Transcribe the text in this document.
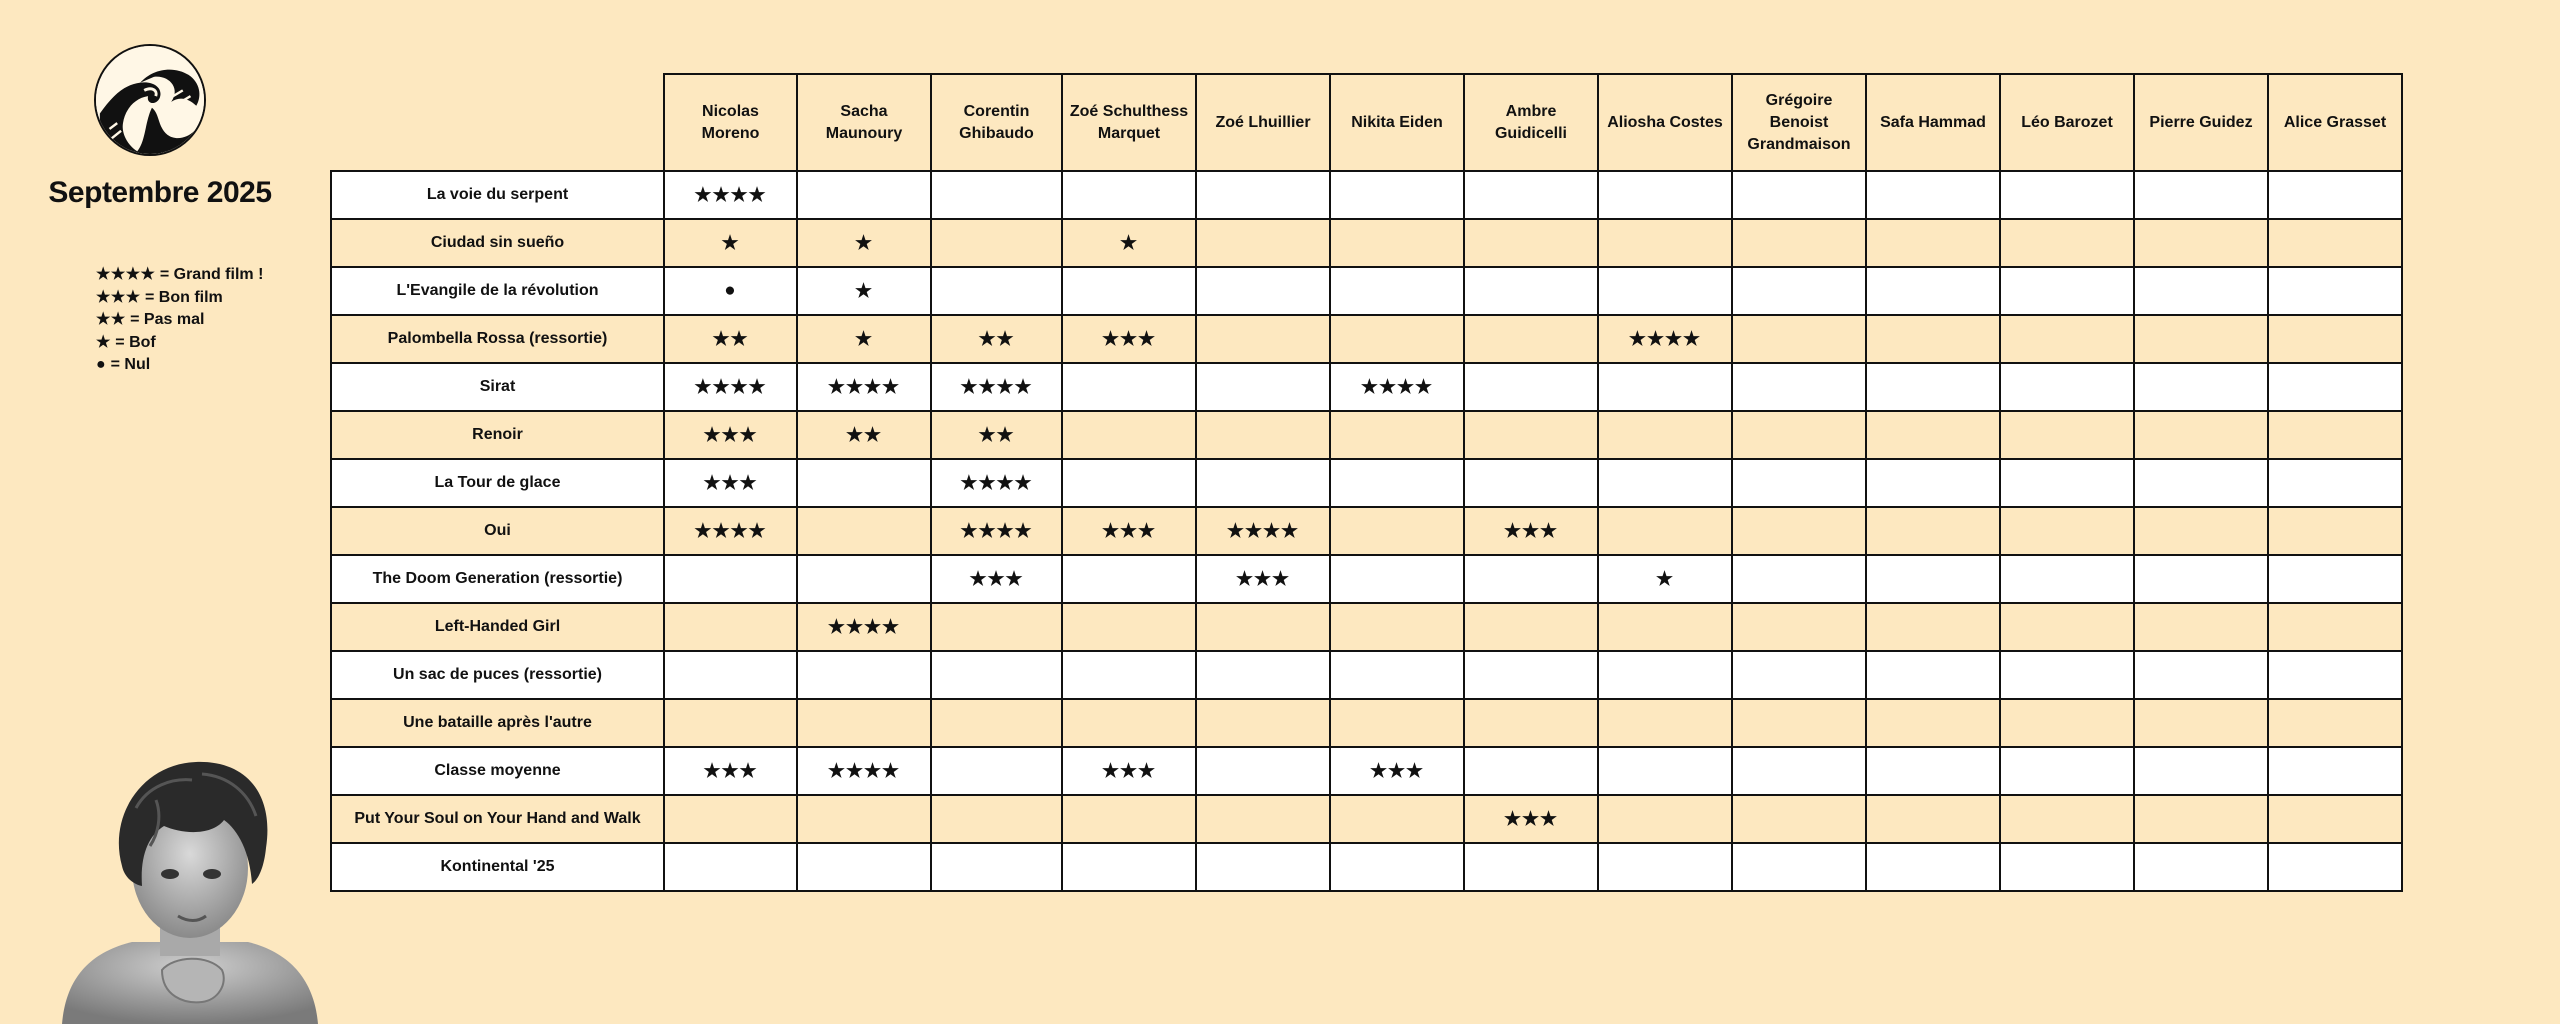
Septembre 2025
★★★★ = Grand film !
★★★ = Bon film
★★ = Pas mal
★ = Bof
● = Nul
	Nicolas Moreno	Sacha Maunoury	Corentin Ghibaudo	Zoé Schulthess Marquet	Zoé Lhuillier	Nikita Eiden	Ambre Guidicelli	Aliosha Costes	Grégoire Benoist Grandmaison	Safa Hammad	Léo Barozet	Pierre Guidez	Alice Grasset
La voie du serpent	★★★★												
Ciudad sin sueño	★	★		★									
L'Evangile de la révolution	●	★											
Palombella Rossa (ressortie)	★★	★	★★	★★★				★★★★					
Sirat	★★★★	★★★★	★★★★			★★★★							
Renoir	★★★	★★	★★										
La Tour de glace	★★★		★★★★										
Oui	★★★★		★★★★	★★★	★★★★		★★★						
The Doom Generation (ressortie)			★★★		★★★			★					
Left-Handed Girl		★★★★											
Un sac de puces (ressortie)													
Une bataille après l'autre													
Classe moyenne	★★★	★★★★		★★★		★★★							
Put Your Soul on Your Hand and Walk							★★★						
Kontinental '25													
